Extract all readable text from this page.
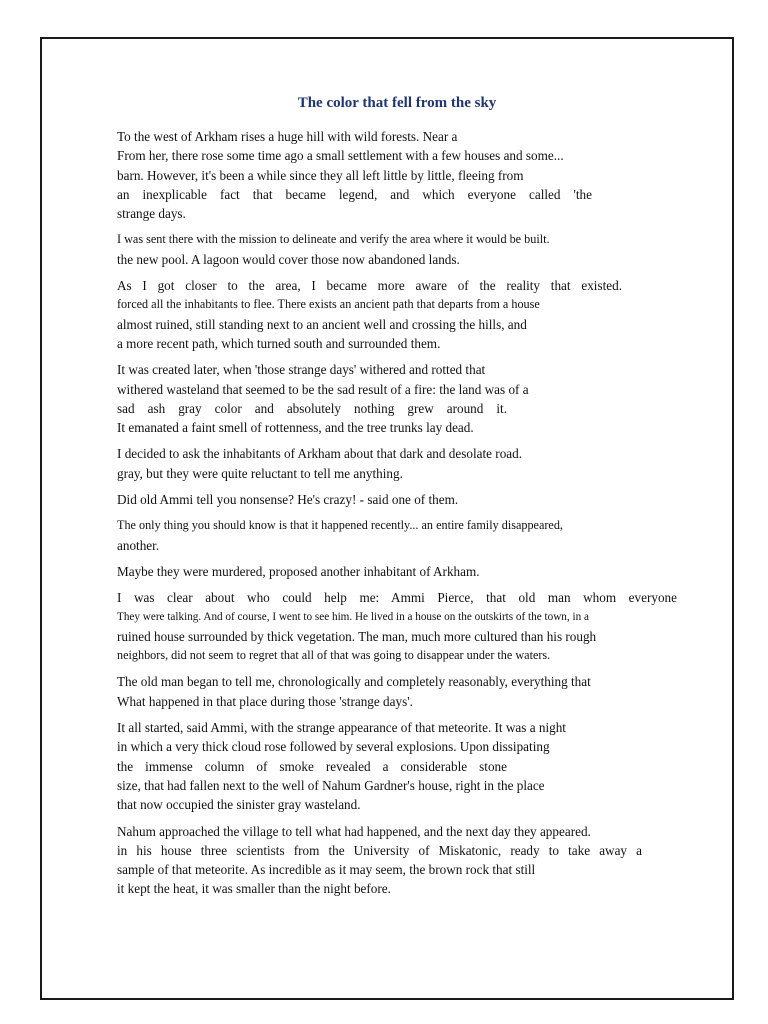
The color that fell from the sky

To the west of Arkham rises a huge hill with wild forests. Near a
From her, there rose some time ago a small settlement with a few houses and some...
barn. However, it's been a while since they all left little by little, fleeing from
an inexplicable fact that became legend, and which everyone called 'the
strange days.

I was sent there with the mission to delineate and verify the area where it would be built.
the new pool. A lagoon would cover those now abandoned lands.

As I got closer to the area, I became more aware of the reality that existed.
forced all the inhabitants to flee. There exists an ancient path that departs from a house
almost ruined, still standing next to an ancient well and crossing the hills, and
a more recent path, which turned south and surrounded them.

It was created later, when 'those strange days' withered and rotted that
withered wasteland that seemed to be the sad result of a fire: the land was of a
sad ash gray color and absolutely nothing grew around it.
It emanated a faint smell of rottenness, and the tree trunks lay dead.

I decided to ask the inhabitants of Arkham about that dark and desolate road.
gray, but they were quite reluctant to tell me anything.

Did old Ammi tell you nonsense? He's crazy! - said one of them.

The only thing you should know is that it happened recently... an entire family disappeared,
another.

Maybe they were murdered, proposed another inhabitant of Arkham.

I was clear about who could help me: Ammi Pierce, that old man whom everyone
They were talking. And of course, I went to see him. He lived in a house on the outskirts of the town, in a
ruined house surrounded by thick vegetation. The man, much more cultured than his rough
neighbors, did not seem to regret that all of that was going to disappear under the waters.

The old man began to tell me, chronologically and completely reasonably, everything that
What happened in that place during those 'strange days'.

It all started, said Ammi, with the strange appearance of that meteorite. It was a night
in which a very thick cloud rose followed by several explosions. Upon dissipating
the immense column of smoke revealed a considerable stone
size, that had fallen next to the well of Nahum Gardner's house, right in the place
that now occupied the sinister gray wasteland.

Nahum approached the village to tell what had happened, and the next day they appeared.
in his house three scientists from the University of Miskatonic, ready to take away a
sample of that meteorite. As incredible as it may seem, the brown rock that still
it kept the heat, it was smaller than the night before.
